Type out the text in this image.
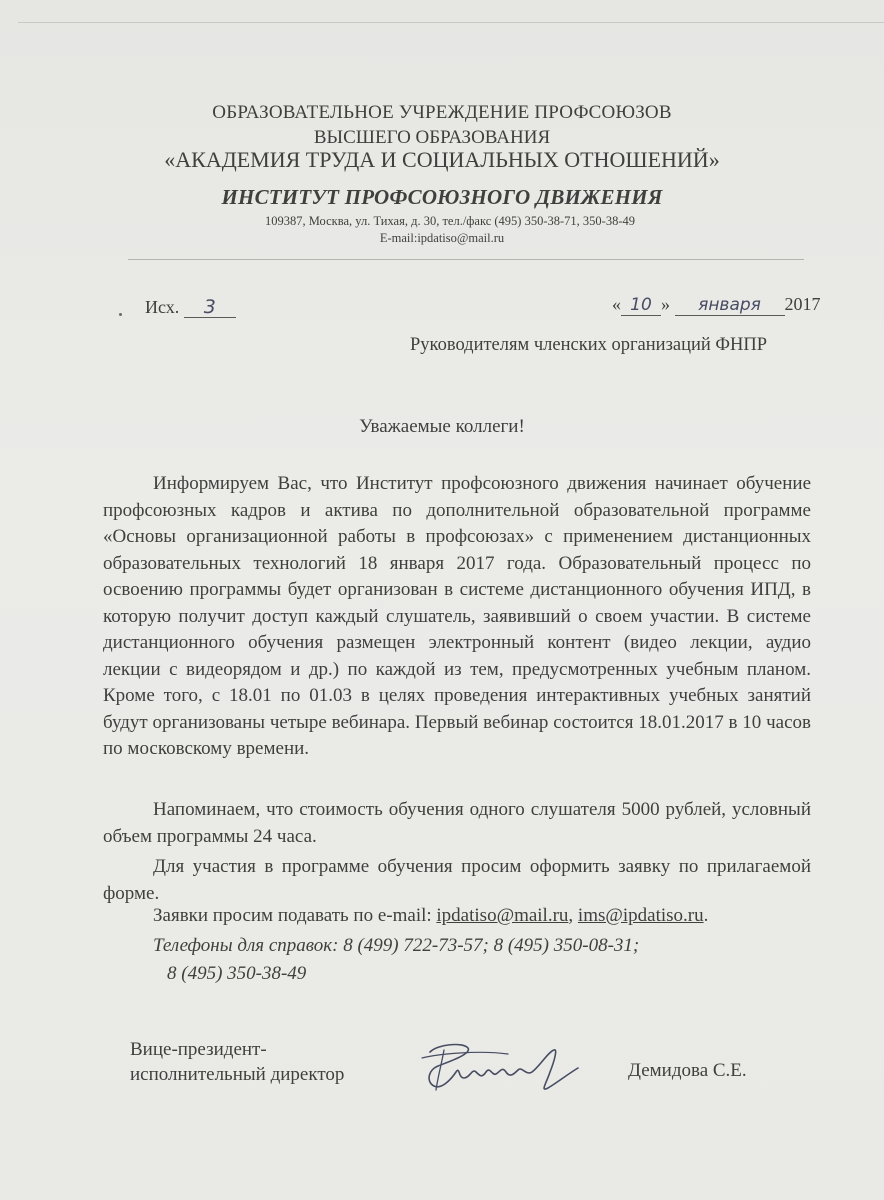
ОБРАЗОВАТЕЛЬНОЕ УЧРЕЖДЕНИЕ ПРОФСОЮЗОВ
ВЫСШЕГО ОБРАЗОВАНИЯ
«АКАДЕМИЯ ТРУДА И СОЦИАЛЬНЫХ ОТНОШЕНИЙ»
ИНСТИТУТ ПРОФСОЮЗНОГО ДВИЖЕНИЯ
109387, Москва, ул. Тихая, д. 30, тел./факс (495) 350-38-71, 350-38-49
E-mail:ipdatiso@mail.ru
Исх. 3	« 10 » января 2017
Руководителям членских организаций ФНПР
Уважаемые коллеги!
Информируем Вас, что Институт профсоюзного движения начинает обучение профсоюзных кадров и актива по дополнительной образовательной программе «Основы организационной работы в профсоюзах» с применением дистанционных образовательных технологий 18 января 2017 года. Образовательный процесс по освоению программы будет организован в системе дистанционного обучения ИПД, в которую получит доступ каждый слушатель, заявивший о своем участии. В системе дистанционного обучения размещен электронный контент (видео лекции, аудио лекции с видеорядом и др.) по каждой из тем, предусмотренных учебным планом. Кроме того, с 18.01 по 01.03 в целях проведения интерактивных учебных занятий будут организованы четыре вебинара. Первый вебинар состоится 18.01.2017 в 10 часов по московскому времени.
Напоминаем, что стоимость обучения одного слушателя 5000 рублей, условный объем программы 24 часа.
Для участия в программе обучения просим оформить заявку по прилагаемой форме.
Заявки просим подавать по e-mail: ipdatiso@mail.ru, ims@ipdatiso.ru.
Телефоны для справок: 8 (499) 722-73-57; 8 (495) 350-08-31;
8 (495) 350-38-49
Вице-президент-
исполнительный директор	Демидова С.Е.
